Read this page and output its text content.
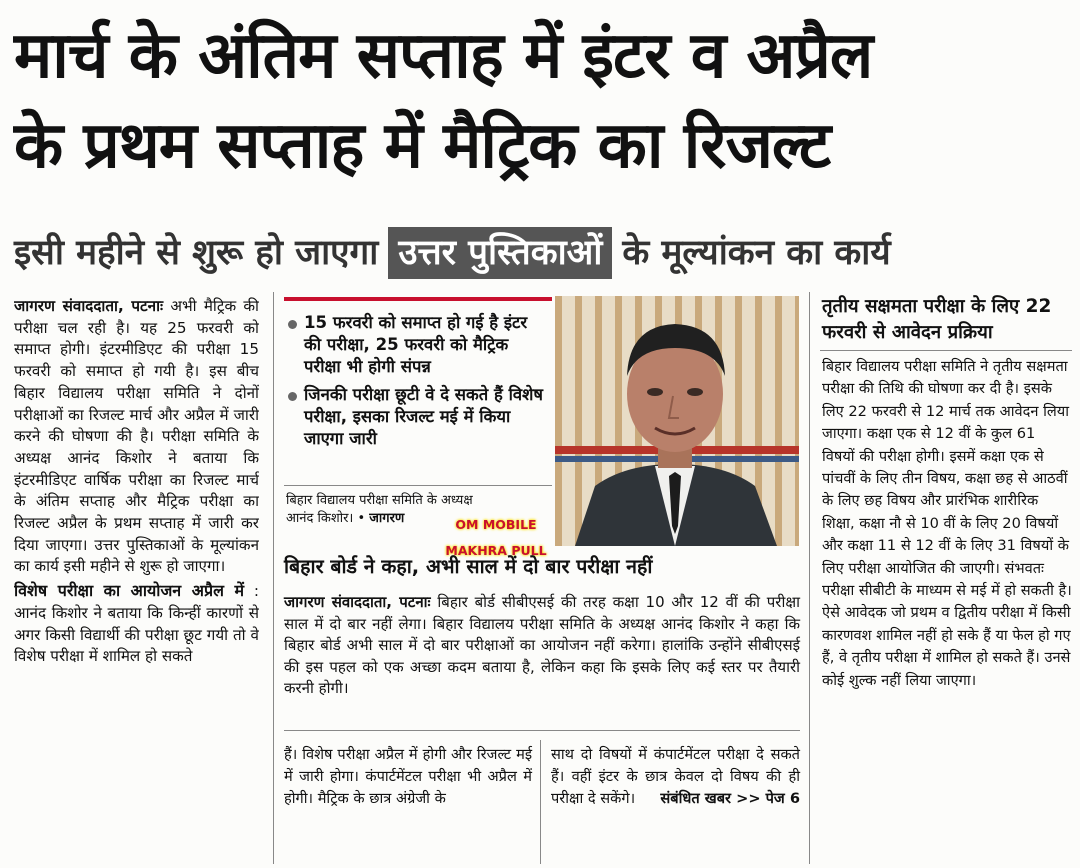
मार्च के अंतिम सप्ताह में इंटर व अप्रैल
के प्रथम सप्ताह में मैट्रिक का रिजल्ट
इसी महीने से शुरू हो जाएगा उत्तर पुस्तिकाओं के मूल्यांकन का कार्य

जागरण संवाददाता, पटनाः अभी मैट्रिक की परीक्षा चल रही है। यह 25 फरवरी को समाप्त होगी। इंटरमीडिएट की परीक्षा 15 फरवरी को समाप्त हो गयी है। इस बीच बिहार विद्यालय परीक्षा समिति ने दोनों परीक्षाओं का रिजल्ट मार्च और अप्रैल में जारी करने की घोषणा की है। परीक्षा समिति के अध्यक्ष आनंद किशोर ने बताया कि इंटरमीडिएट वार्षिक परीक्षा का रिजल्ट मार्च के अंतिम सप्ताह और मैट्रिक परीक्षा का रिजल्ट अप्रैल के प्रथम सप्ताह में जारी कर दिया जाएगा। उत्तर पुस्तिकाओं के मूल्यांकन का कार्य इसी महीने से शुरू हो जाएगा।

विशेष परीक्षा का आयोजन अप्रैल में : आनंद किशोर ने बताया कि किन्हीं कारणों से अगर किसी विद्यार्थी की परीक्षा छूट गयी तो वे विशेष परीक्षा में शामिल हो सकते

15 फरवरी को समाप्त हो गई है इंटर की परीक्षा, 25 फरवरी को मैट्रिक परीक्षा भी होगी संपन्न
जिनकी परीक्षा छूटी वे दे सकते हैं विशेष परीक्षा, इसका रिजल्ट मई में किया जाएगा जारी
बिहार विद्यालय परीक्षा समिति के अध्यक्ष
आनंद किशोर। • जागरण	OM MOBILE
MAKHRA PULL
बिहार बोर्ड ने कहा, अभी साल में दो बार परीक्षा नहीं

जागरण संवाददाता, पटनाः बिहार बोर्ड सीबीएसई की तरह कक्षा 10 और 12 वीं की परीक्षा साल में दो बार नहीं लेगा। बिहार विद्यालय परीक्षा समिति के अध्यक्ष आनंद किशोर ने कहा कि बिहार बोर्ड अभी साल में दो बार परीक्षाओं का आयोजन नहीं करेगा। हालांकि उन्होंने सीबीएसई की इस पहल को एक अच्छा कदम बताया है, लेकिन कहा कि इसके लिए कई स्तर पर तैयारी करनी होगी।

हैं। विशेष परीक्षा अप्रैल में होगी और रिजल्ट मई में जारी होगा। कंपार्टमेंटल परीक्षा भी अप्रैल में होगी। मैट्रिक के छात्र अंग्रेजी के
साथ दो विषयों में कंपार्टमेंटल परीक्षा दे सकते हैं। वहीं इंटर के छात्र केवल दो विषय की ही परीक्षा दे सकेंगे। संबंधित खबर >> पेज 6
तृतीय सक्षमता परीक्षा के लिए 22 फरवरी से आवेदन प्रक्रिया
बिहार विद्यालय परीक्षा समिति ने तृतीय सक्षमता परीक्षा की तिथि की घोषणा कर दी है। इसके लिए 22 फरवरी से 12 मार्च तक आवेदन लिया जाएगा। कक्षा एक से 12 वीं के कुल 61 विषयों की परीक्षा होगी। इसमें कक्षा एक से पांचवीं के लिए तीन विषय, कक्षा छह से आठवीं के लिए छह विषय और प्रारंभिक शारीरिक शिक्षा, कक्षा नौ से 10 वीं के लिए 20 विषयों और कक्षा 11 से 12 वीं के लिए 31 विषयों के लिए परीक्षा आयोजित की जाएगी। संभवतः परीक्षा सीबीटी के माध्यम से मई में हो सकती है। ऐसे आवेदक जो प्रथम व द्वितीय परीक्षा में किसी कारणवश शामिल नहीं हो सके हैं या फेल हो गए हैं, वे तृतीय परीक्षा में शामिल हो सकते हैं। उनसे कोई शुल्क नहीं लिया जाएगा।
